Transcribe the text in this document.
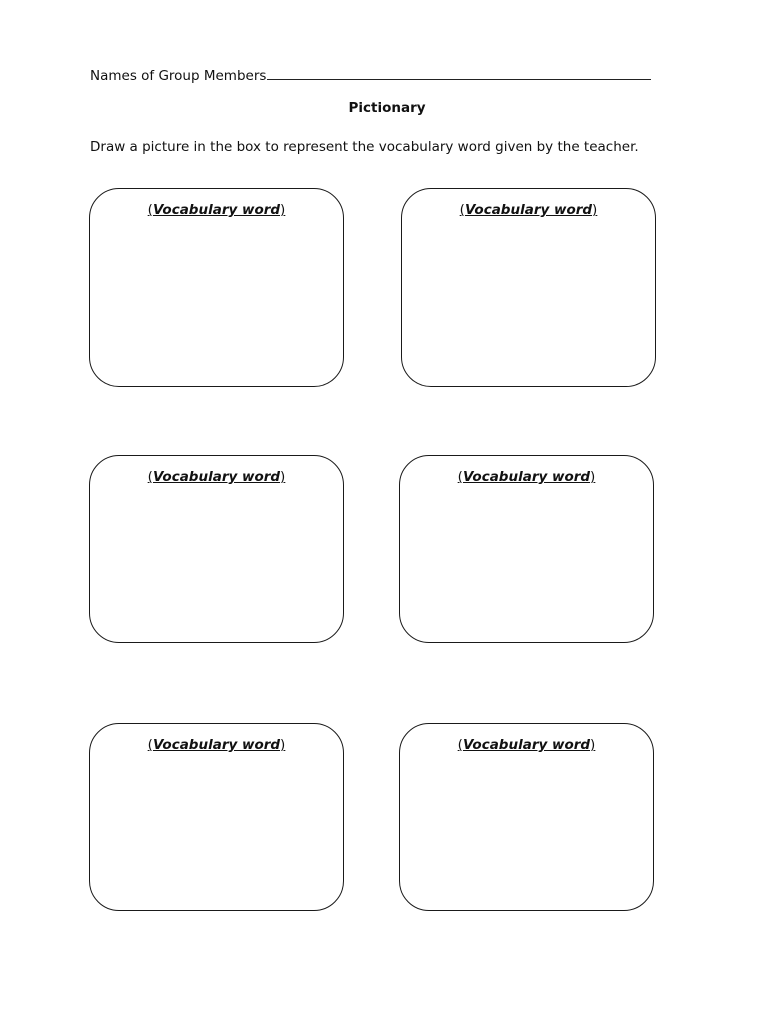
Names of Group Members
Pictionary
Draw a picture in the box to represent the vocabulary word given by the teacher.
(Vocabulary word)	(Vocabulary word)
(Vocabulary word)	(Vocabulary word)
(Vocabulary word)	(Vocabulary word)
